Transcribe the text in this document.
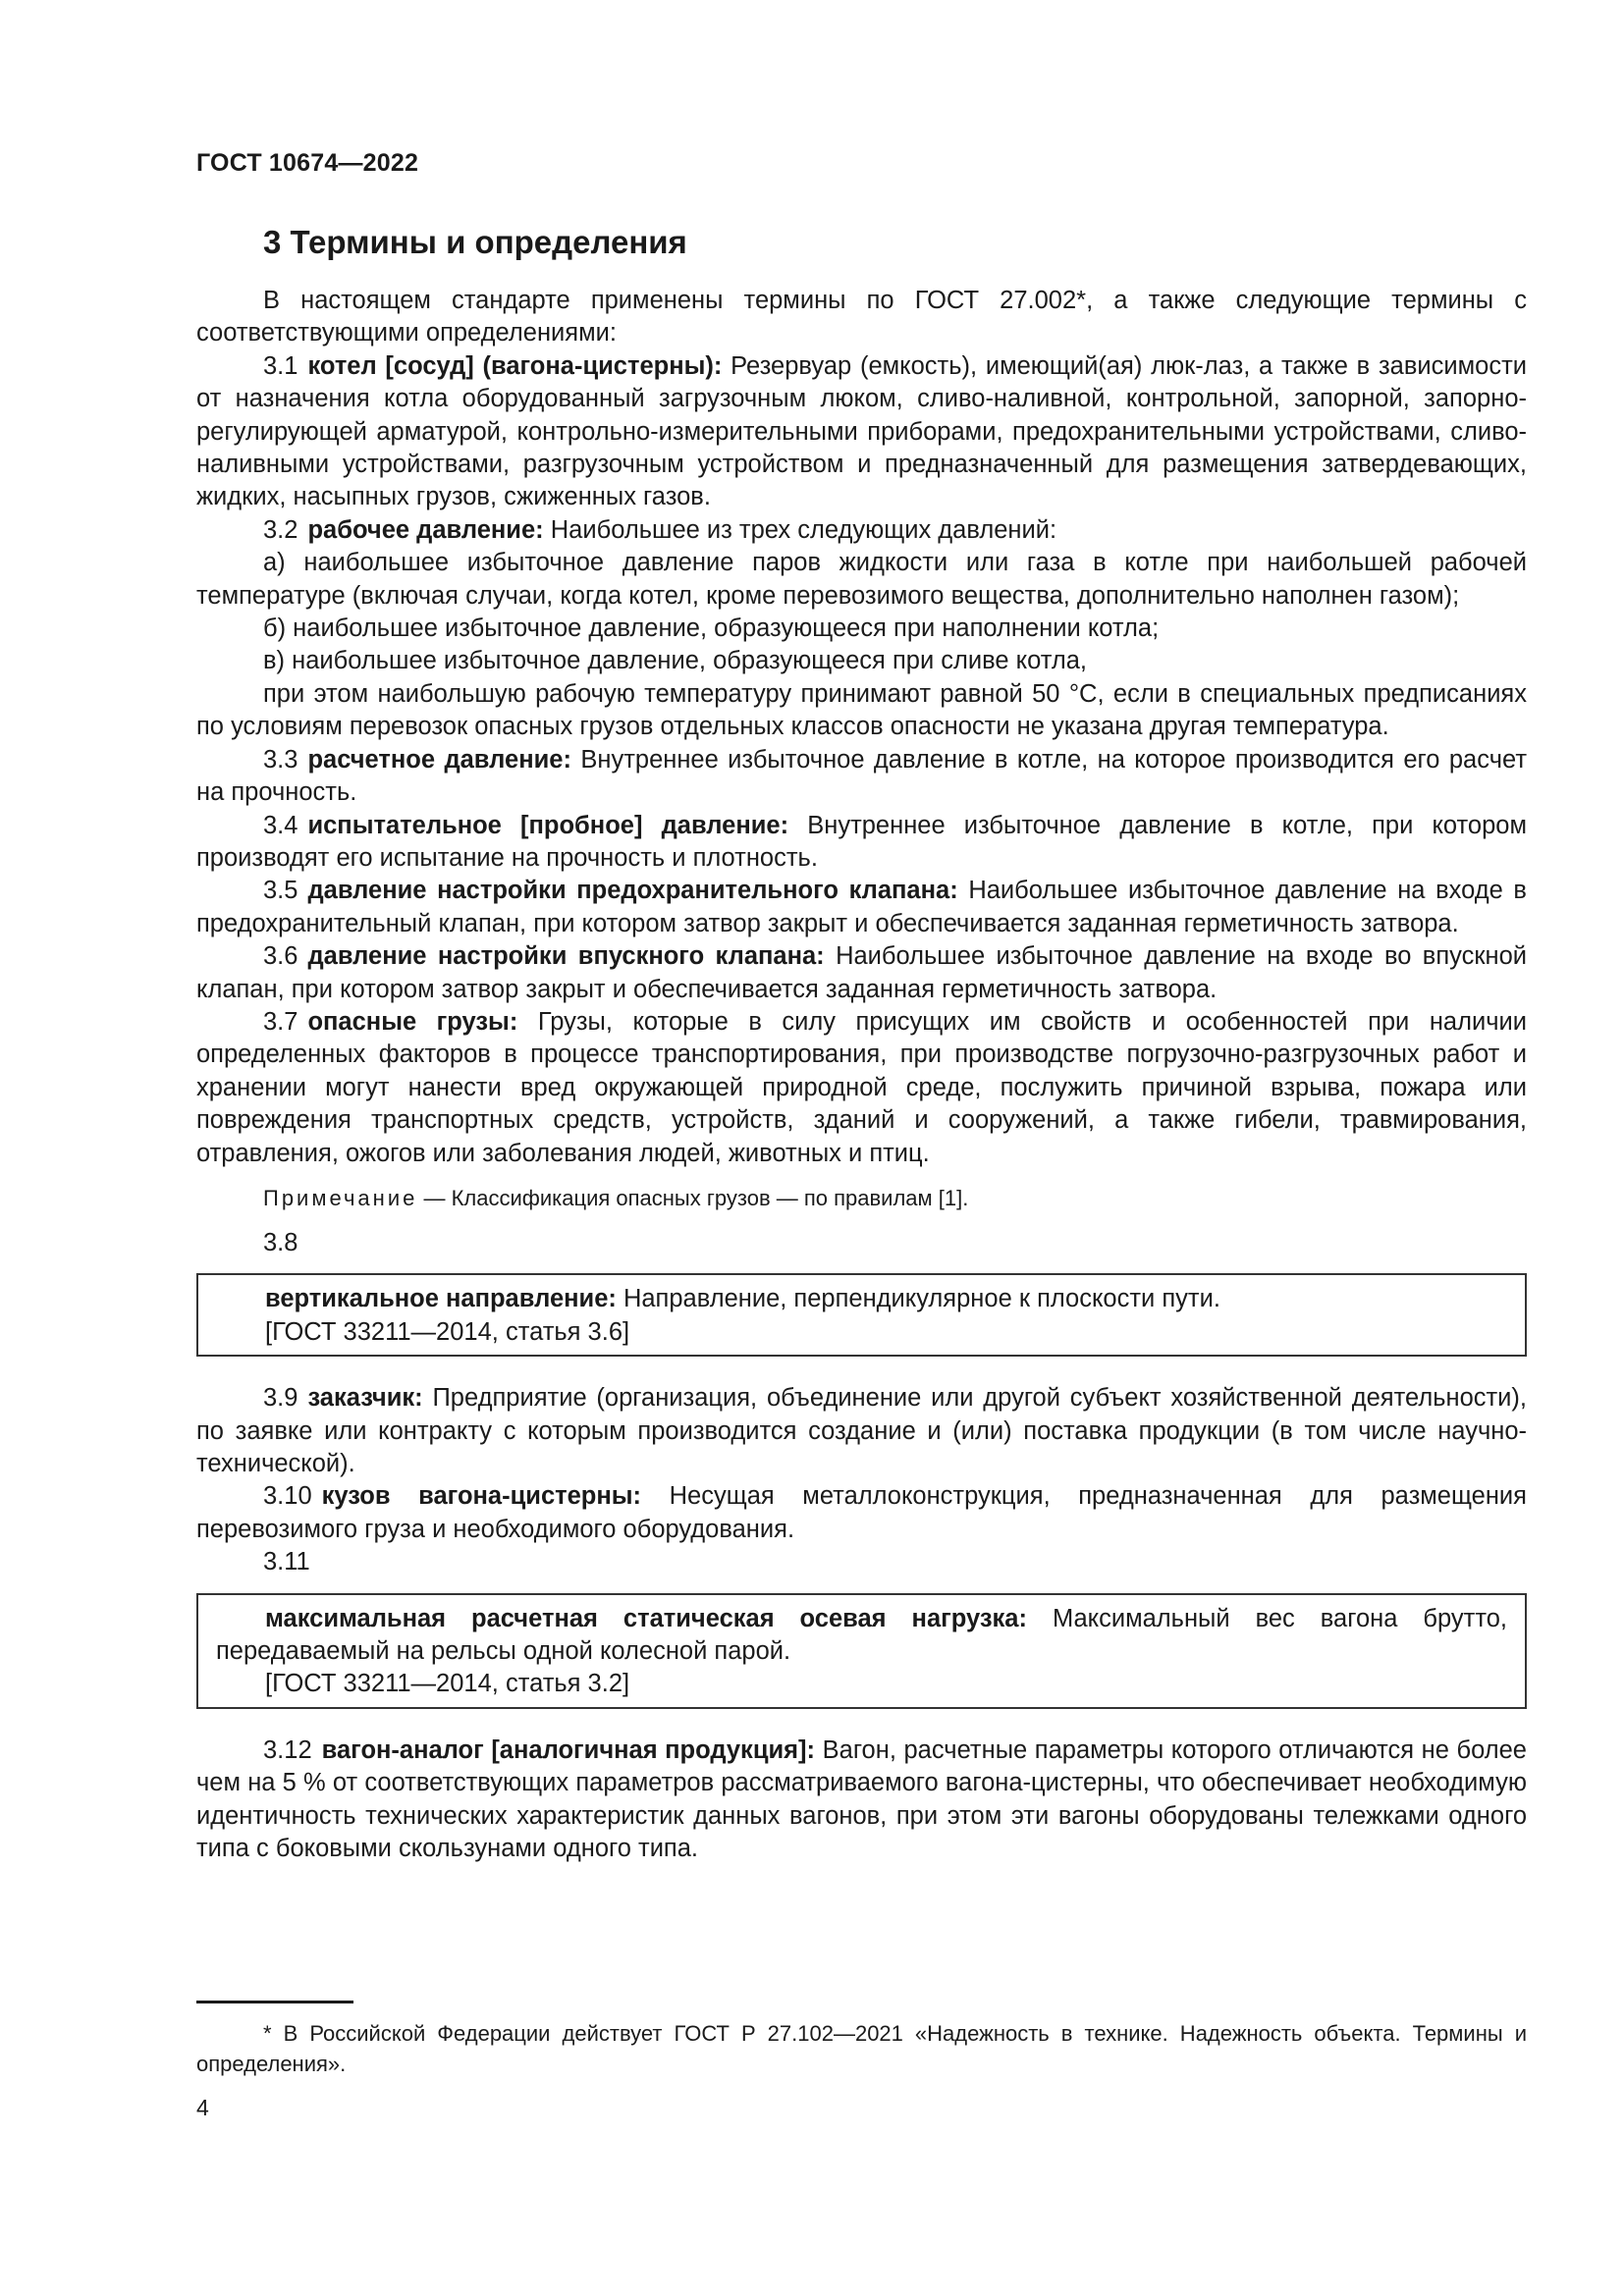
ГОСТ 10674—2022
3 Термины и определения

В настоящем стандарте применены термины по ГОСТ 27.002*, а также следующие термины с соответствующими определениями:

3.1 котел [сосуд] (вагона-цистерны): Резервуар (емкость), имеющий(ая) люк-лаз, а также в зависимости от назначения котла оборудованный загрузочным люком, сливо-наливной, контрольной, запорной, запорно-регулирующей арматурой, контрольно-измерительными приборами, предохранительными устройствами, сливо-наливными устройствами, разгрузочным устройством и предназначенный для размещения затвердевающих, жидких, насыпных грузов, сжиженных газов.

3.2 рабочее давление: Наибольшее из трех следующих давлений:

а) наибольшее избыточное давление паров жидкости или газа в котле при наибольшей рабочей температуре (включая случаи, когда котел, кроме перевозимого вещества, дополнительно наполнен газом);

б) наибольшее избыточное давление, образующееся при наполнении котла;

в) наибольшее избыточное давление, образующееся при сливе котла,

при этом наибольшую рабочую температуру принимают равной 50 °С, если в специальных предписаниях по условиям перевозок опасных грузов отдельных классов опасности не указана другая температура.

3.3 расчетное давление: Внутреннее избыточное давление в котле, на которое производится его расчет на прочность.

3.4 испытательное [пробное] давление: Внутреннее избыточное давление в котле, при котором производят его испытание на прочность и плотность.

3.5 давление настройки предохранительного клапана: Наибольшее избыточное давление на входе в предохранительный клапан, при котором затвор закрыт и обеспечивается заданная герметичность затвора.

3.6 давление настройки впускного клапана: Наибольшее избыточное давление на входе во впускной клапан, при котором затвор закрыт и обеспечивается заданная герметичность затвора.

3.7 опасные грузы: Грузы, которые в силу присущих им свойств и особенностей при наличии определенных факторов в процессе транспортирования, при производстве погрузочно-разгрузочных работ и хранении могут нанести вред окружающей природной среде, послужить причиной взрыва, пожара или повреждения транспортных средств, устройств, зданий и сооружений, а также гибели, травмирования, отравления, ожогов или заболевания людей, животных и птиц.

Примечание — Классификация опасных грузов — по правилам [1].

3.8

вертикальное направление: Направление, перпендикулярное к плоскости пути.

[ГОСТ 33211—2014, статья 3.6]

3.9 заказчик: Предприятие (организация, объединение или другой субъект хозяйственной деятельности), по заявке или контракту с которым производится создание и (или) поставка продукции (в том числе научно-технической).

3.10 кузов вагона-цистерны: Несущая металлоконструкция, предназначенная для размещения перевозимого груза и необходимого оборудования.

3.11

максимальная расчетная статическая осевая нагрузка: Максимальный вес вагона брутто, передаваемый на рельсы одной колесной парой.

[ГОСТ 33211—2014, статья 3.2]

3.12 вагон-аналог [аналогичная продукция]: Вагон, расчетные параметры которого отличаются не более чем на 5 % от соответствующих параметров рассматриваемого вагона-цистерны, что обеспечивает необходимую идентичность технических характеристик данных вагонов, при этом эти вагоны оборудованы тележками одного типа с боковыми скользунами одного типа.

* В Российской Федерации действует ГОСТ Р 27.102—2021 «Надежность в технике. Надежность объекта. Термины и определения».
4
